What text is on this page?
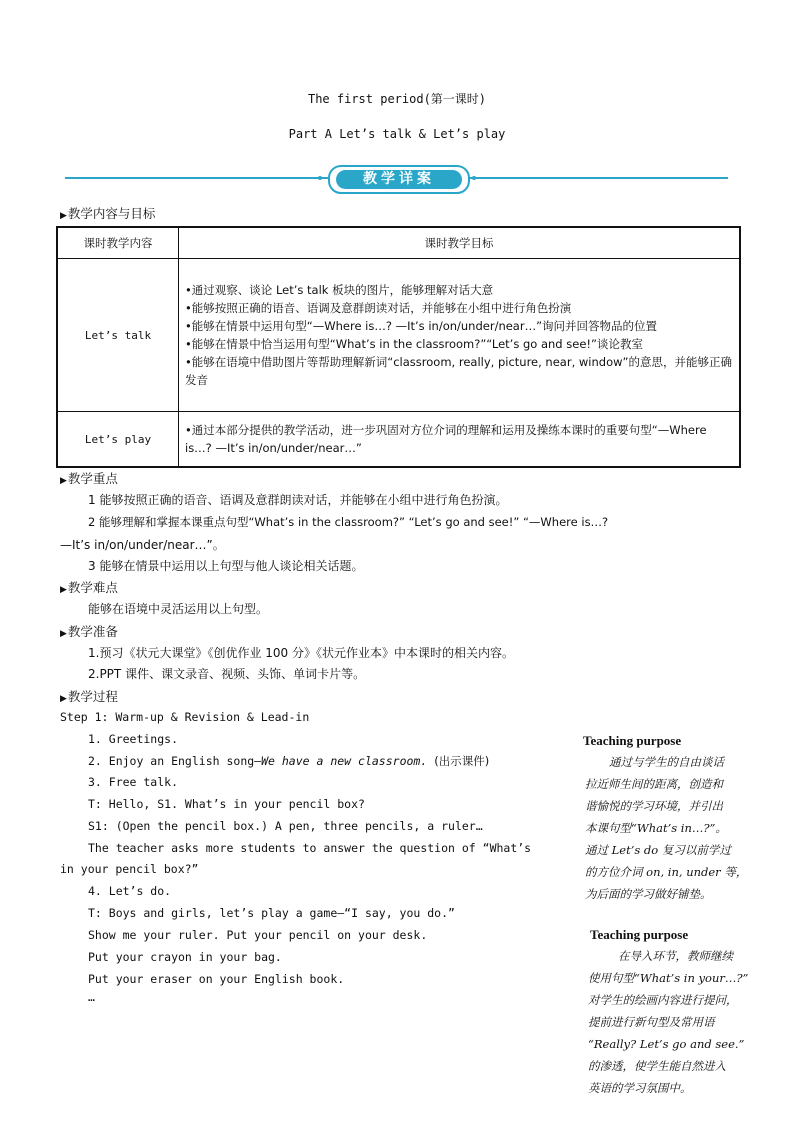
The first period(第一课时)
Part A Let’s talk & Let’s play
教学详案
▶教学内容与目标
课时教学内容	课时教学目标
Let’s talk	•通过观察、谈论 Let’s talk 板块的图片，能够理解对话大意
•能够按照正确的语音、语调及意群朗读对话，并能够在小组中进行角色扮演
•能够在情景中运用句型“—Where is…? —It’s in/on/under/near…”询问并回答物品的位置
•能够在情景中恰当运用句型“What’s in the classroom?”“Let’s go and see!”谈论教室
•能够在语境中借助图片等帮助理解新词“classroom, really, picture, near, window”的意思，并能够正确发音

Let’s play	•通过本部分提供的教学活动，进一步巩固对方位介词的理解和运用及操练本课时的重要句型“—Where is…? —It’s in/on/under/near…”
▶教学重点
1 能够按照正确的语音、语调及意群朗读对话，并能够在小组中进行角色扮演。
2 能够理解和掌握本课重点句型“What’s in the classroom?” “Let’s go and see!” “—Where is…?
—It’s in/on/under/near…”。
3 能够在情景中运用以上句型与他人谈论相关话题。
▶教学难点
能够在语境中灵活运用以上句型。
▶教学准备
1.预习《状元大课堂》《创优作业 100 分》《状元作业本》中本课时的相关内容。
2.PPT 课件、课文录音、视频、头饰、单词卡片等。
▶教学过程
Step 1: Warm-up & Revision & Lead-in
1. Greetings.
2. Enjoy an English song—We have a new classroom. (出示课件)
3. Free talk.
T: Hello, S1. What’s in your pencil box?
S1: (Open the pencil box.) A pen, three pencils, a ruler…
The teacher asks more students to answer the question of “What’s
in your pencil box?”
4. Let’s do.
T: Boys and girls, let’s play a game—“I say, you do.”
Show me your ruler. Put your pencil on your desk.
Put your crayon in your bag.
Put your eraser on your English book.
…
Teaching purpose
通过与学生的自由谈话
拉近师生间的距离，创造和
谐愉悦的学习环境，并引出
本课句型“What’s in…?”。
通过 Let’s do 复习以前学过
的方位介词 on, in, under 等，
为后面的学习做好铺垫。
Teaching purpose
在导入环节，教师继续
使用句型“What’s in your…?”
对学生的绘画内容进行提问，
提前进行新句型及常用语
“Really? Let’s go and see.”
的渗透，使学生能自然进入
英语的学习氛围中。
